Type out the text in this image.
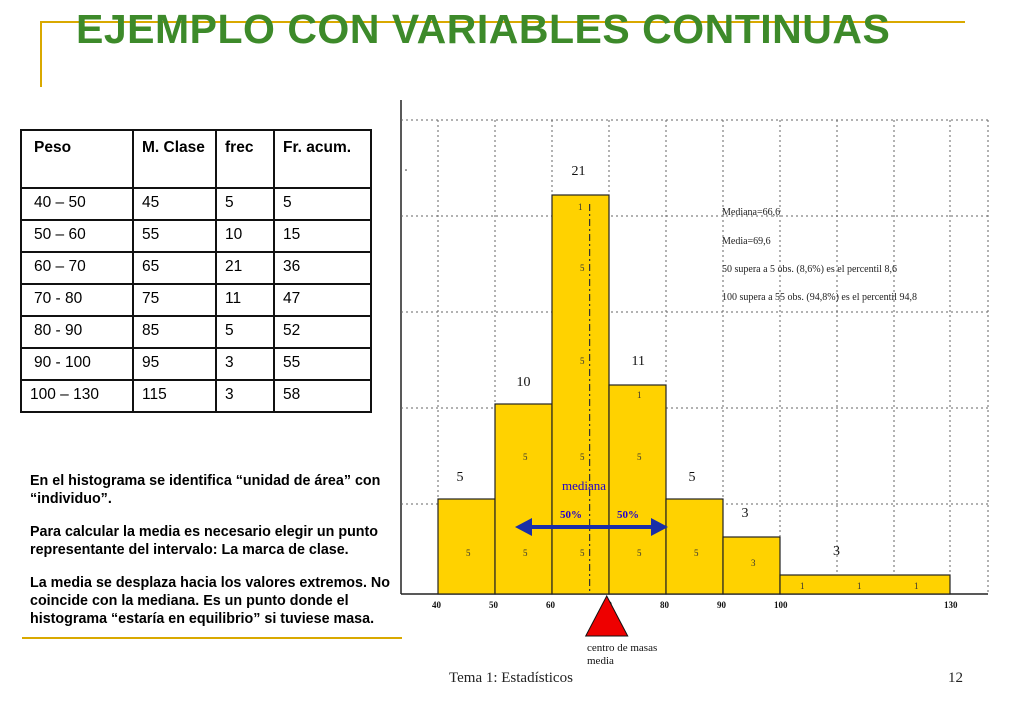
EJEMPLO CON VARIABLES CONTINUAS
Peso	M. Clase	frec	Fr. acum.
40 – 50	45	5	5
50 – 60	55	10	15
60 – 70	65	21	36
70 - 80	75	11	47
80 - 90	85	5	52
90 - 100	95	3	55
100 – 130	115	3	58

En el histograma se identifica “unidad de área” con “individuo”.

Para calcular la media es necesario elegir un punto representante del intervalo: La marca de clase.

La media se desplaza hacia los valores extremos. No coincide con la mediana. Es un punto donde el histograma “estaría en equilibrio” si tuviese masa.

5
10
21
11
5
3
3
5	5
5
5
5
5
5
1
5
5
1
5
3
1	1	1
40	50	60	80	90	100	130
mediana
50%	50%
centro de masas
media
Mediana=66,6
Media=69,6
50 supera a 5 obs. (8,6%) es el percentil 8,6
100 supera a 55 obs. (94,8%) es el percentil 94,8
Tema 1: Estadísticos	12
